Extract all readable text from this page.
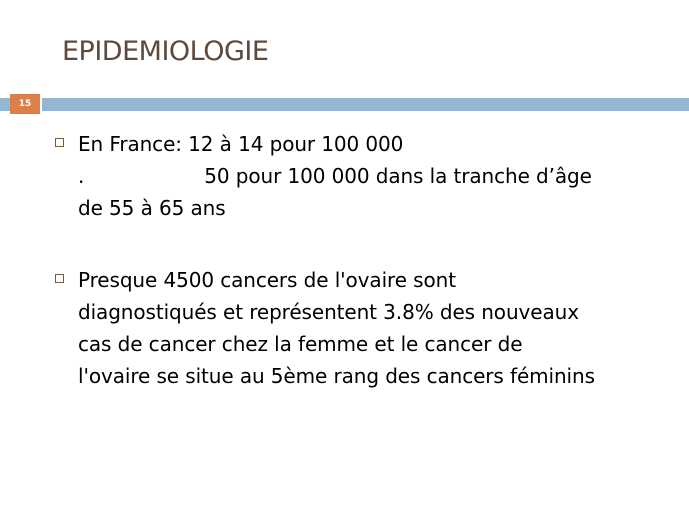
EPIDEMIOLOGIE
15
En France: 12 à 14 pour 100 000
.	50 pour 100 000 dans la tranche d’âge
de 55 à 65 ans
Presque 4500 cancers de l'ovaire sont
diagnostiqués et représentent 3.8% des nouveaux
cas de cancer chez la femme et le cancer de
l'ovaire se situe au 5ème rang des cancers féminins
